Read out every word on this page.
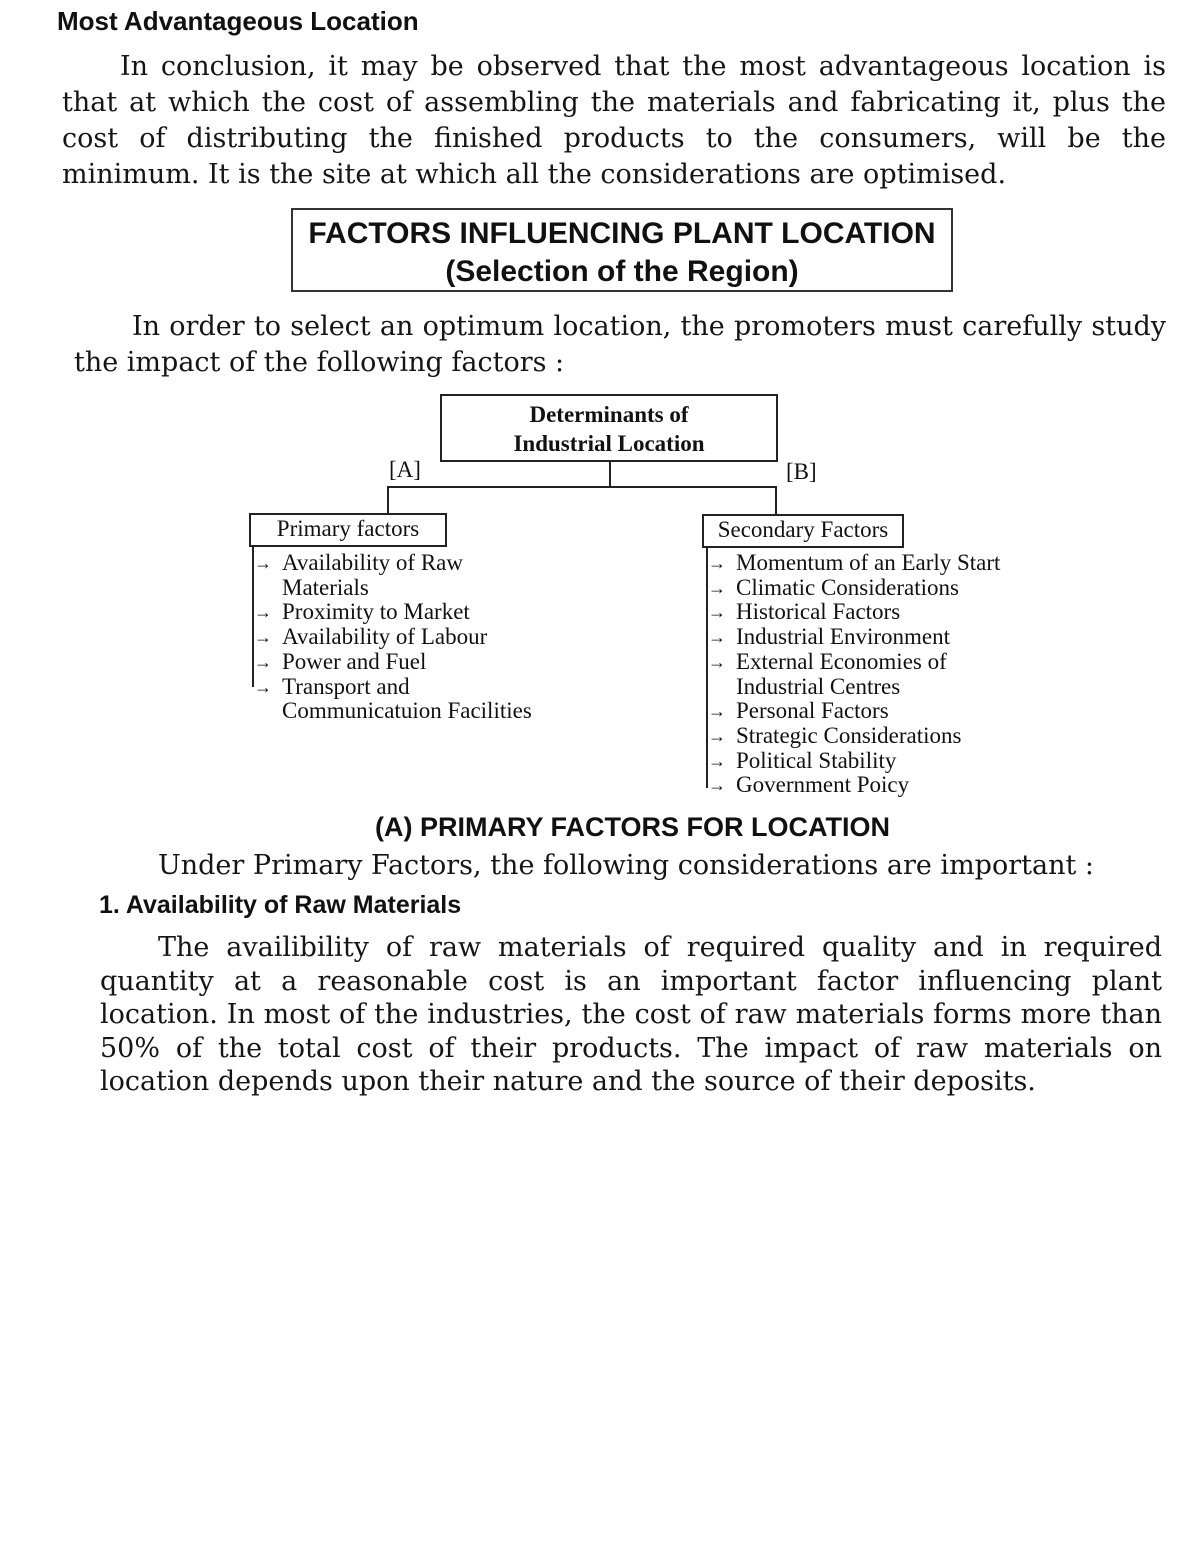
Most Advantageous Location
In conclusion, it may be observed that the most advantageous location is that at which the cost of assembling the materials and fabricating it, plus the cost of distributing the finished products to the consumers, will be the minimum. It is the site at which all the considerations are optimised.
FACTORS INFLUENCING PLANT LOCATION
(Selection of the Region)
In order to select an optimum location, the promoters must carefully study the impact of the following factors :
Determinants of
Industrial Location
[A]	[B]
Primary factors	Secondary Factors
→ Availability of Raw
Materials
→ Proximity to Market
→ Availability of Labour
→ Power and Fuel
→ Transport and
Communicatuion Facilities
→ Momentum of an Early Start
→ Climatic Considerations
→ Historical Factors
→ Industrial Environment
→ External Economies of
Industrial Centres
→ Personal Factors
→ Strategic Considerations
→ Political Stability
→ Government Poicy
(A) PRIMARY FACTORS FOR LOCATION
Under Primary Factors, the following considerations are important :
1. Availability of Raw Materials
The availibility of raw materials of required quality and in required quantity at a reasonable cost is an important factor influencing plant location. In most of the industries, the cost of raw materials forms more than 50% of the total cost of their products. The impact of raw materials on location depends upon their nature and the source of their deposits.
